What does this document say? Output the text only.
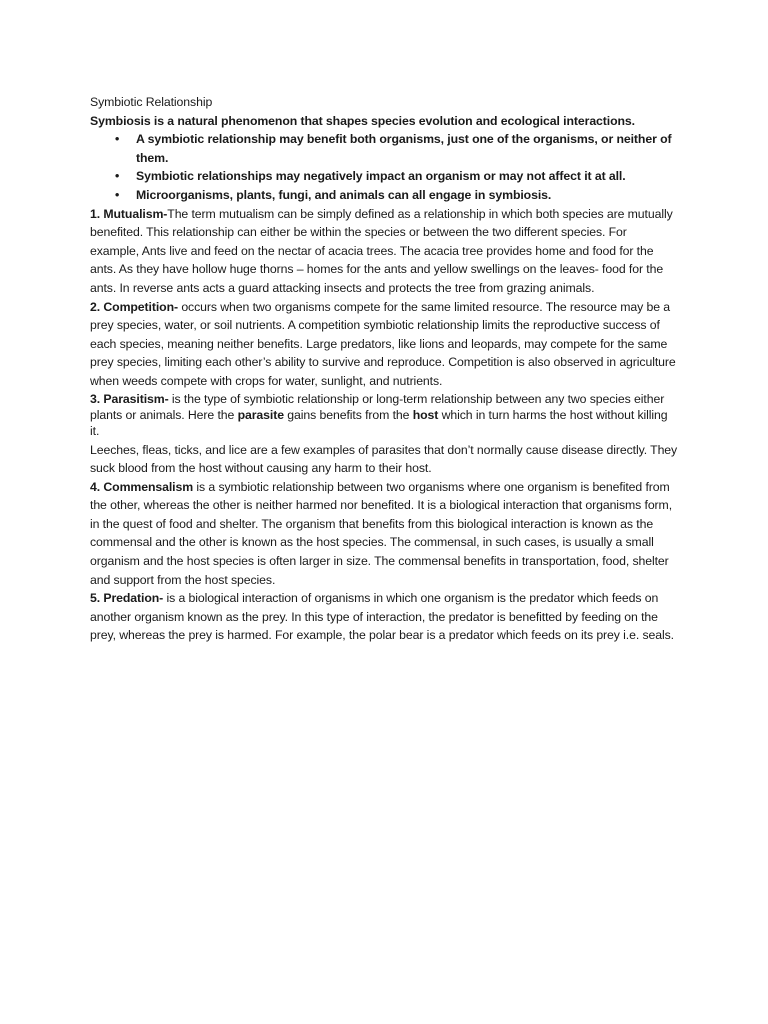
Symbiotic Relationship

Symbiosis is a natural phenomenon that shapes species evolution and ecological interactions.

• A symbiotic relationship may benefit both organisms, just one of the organisms, or neither of them.
• Symbiotic relationships may negatively impact an organism or may not affect it at all.
• Microorganisms, plants, fungi, and animals can all engage in symbiosis.

1. Mutualism-The term mutualism can be simply defined as a relationship in which both species are mutually benefited. This relationship can either be within the species or between the two different species. For example, Ants live and feed on the nectar of acacia trees. The acacia tree provides home and food for the ants. As they have hollow huge thorns – homes for the ants and yellow swellings on the leaves- food for the ants. In reverse ants acts a guard attacking insects and protects the tree from grazing animals.

2. Competition- occurs when two organisms compete for the same limited resource. The resource may be a prey species, water, or soil nutrients. A competition symbiotic relationship limits the reproductive success of each species, meaning neither benefits. Large predators, like lions and leopards, may compete for the same prey species, limiting each other’s ability to survive and reproduce. Competition is also observed in agriculture when weeds compete with crops for water, sunlight, and nutrients.

3. Parasitism- is the type of symbiotic relationship or long-term relationship between any two species either plants or animals. Here the parasite gains benefits from the host which in turn harms the host without killing it.

Leeches, fleas, ticks, and lice are a few examples of parasites that don’t normally cause disease directly. They suck blood from the host without causing any harm to their host.

4. Commensalism is a symbiotic relationship between two organisms where one organism is benefited from the other, whereas the other is neither harmed nor benefited. It is a biological interaction that organisms form, in the quest of food and shelter. The organism that benefits from this biological interaction is known as the commensal and the other is known as the host species. The commensal, in such cases, is usually a small organism and the host species is often larger in size. The commensal benefits in transportation, food, shelter and support from the host species.

5. Predation- is a biological interaction of organisms in which one organism is the predator which feeds on another organism known as the prey. In this type of interaction, the predator is benefitted by feeding on the prey, whereas the prey is harmed. For example, the polar bear is a predator which feeds on its prey i.e. seals.
